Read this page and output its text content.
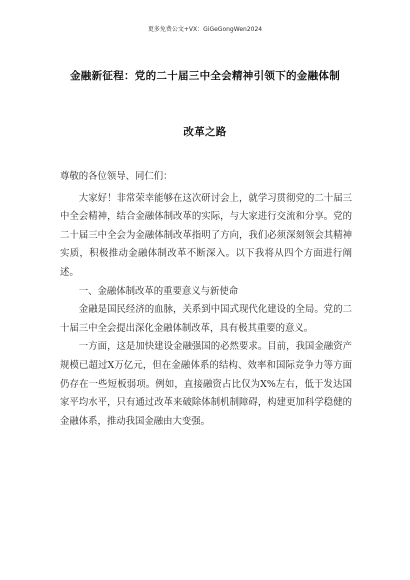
更多免费公文+VX：GiGeGongWen2024
金融新征程：党的二十届三中全会精神引领下的金融体制
改革之路

尊敬的各位领导、同仁们：

大家好！非常荣幸能够在这次研讨会上，就学习贯彻党的二十届三中全会精神，结合金融体制改革的实际，与大家进行交流和分享。党的二十届三中全会为金融体制改革指明了方向，我们必须深刻领会其精神实质，积极推动金融体制改革不断深入。以下我将从四个方面进行阐述。

一、金融体制改革的重要意义与新使命

金融是国民经济的血脉，关系到中国式现代化建设的全局。党的二十届三中全会提出深化金融体制改革，具有极其重要的意义。

一方面，这是加快建设金融强国的必然要求。目前，我国金融资产规模已超过X万亿元，但在金融体系的结构、效率和国际竞争力等方面仍存在一些短板弱项。例如，直接融资占比仅为X%左右，低于发达国家平均水平，只有通过改革来破除体制机制障碍，构建更加科学稳健的金融体系，推动我国金融由大变强。
